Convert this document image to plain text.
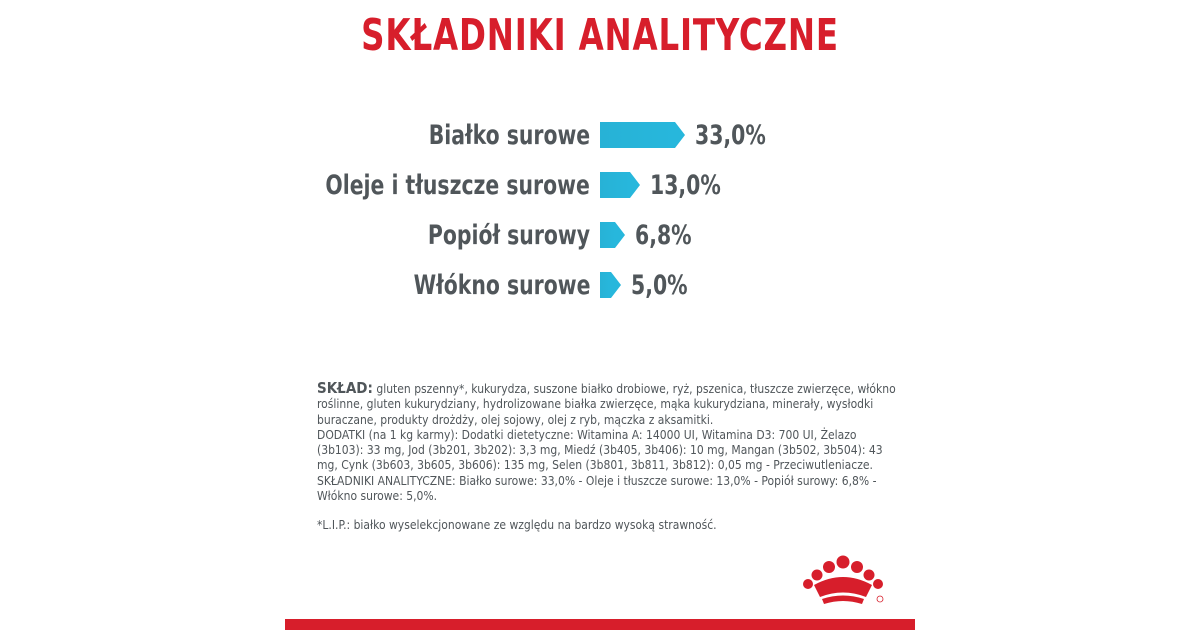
SKŁADNIKI ANALITYCZNE
Białko surowe	33,0%
Oleje i tłuszcze surowe 13,0%
Popiół surowy 6,8%
Włókno surowe 5,0%

SKŁAD: gluten pszenny*, kukurydza, suszone białko drobiowe, ryż, pszenica, tłuszcze zwierzęce, włókno roślinne, gluten kukurydziany, hydrolizowane białka zwierzęce, mąka kukurydziana, minerały, wysłodki buraczane, produkty drożdży, olej sojowy, olej z ryb, mączka z aksamitki.

DODATKI (na 1 kg karmy): Dodatki dietetyczne: Witamina A: 14000 UI, Witamina D3: 700 UI, Żelazo (3b103): 33 mg, Jod (3b201, 3b202): 3,3 mg, Miedź (3b405, 3b406): 10 mg, Mangan (3b502, 3b504): 43 mg, Cynk (3b603, 3b605, 3b606): 135 mg, Selen (3b801, 3b811, 3b812): 0,05 mg - Przeciwutleniacze.

SKŁADNIKI ANALITYCZNE: Białko surowe: 33,0% - Oleje i tłuszcze surowe: 13,0% - Popiół surowy: 6,8% - Włókno surowe: 5,0%.

*L.I.P.: białko wyselekcjonowane ze względu na bardzo wysoką strawność.
